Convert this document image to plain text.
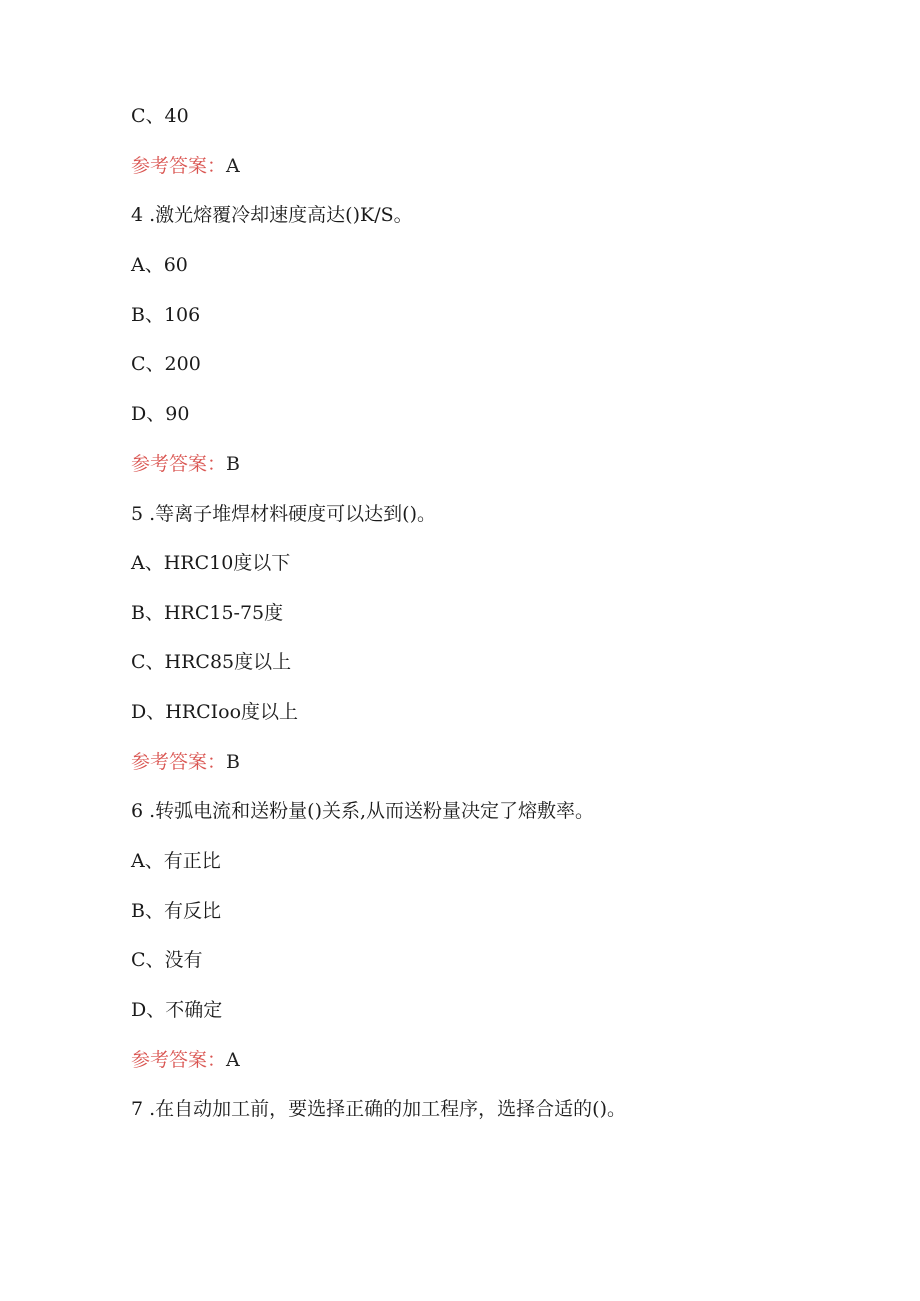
C、40
参考答案：A
4 .激光熔覆冷却速度高达()K/S。
A、60
B、106
C、200
D、90
参考答案：B
5 .等离子堆焊材料硬度可以达到()。
A、HRC10度以下
B、HRC15-75度
C、HRC85度以上
D、HRCIoo度以上
参考答案：B
6 .转弧电流和送粉量()关系,从而送粉量决定了熔敷率。
A、有正比
B、有反比
C、没有
D、不确定
参考答案：A
7 .在自动加工前，要选择正确的加工程序，选择合适的()。
